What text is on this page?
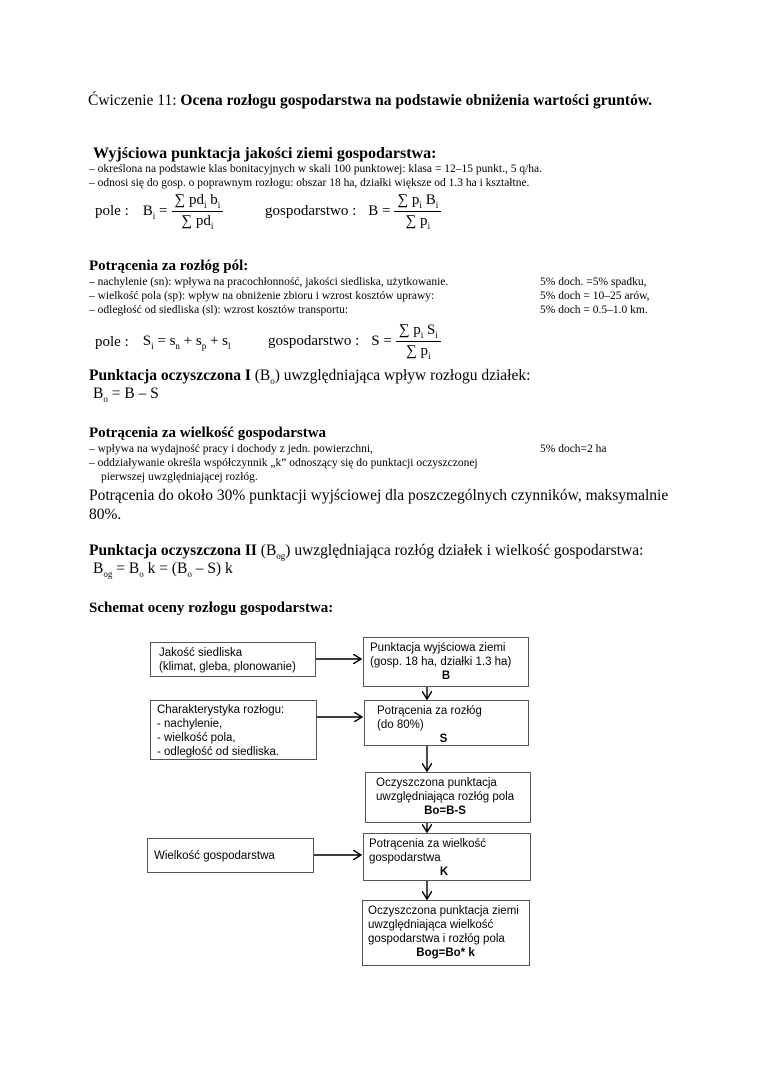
Ćwiczenie 11: Ocena rozłogu gospodarstwa na podstawie obniżenia wartości gruntów.
Wyjściowa punktacja jakości ziemi gospodarstwa:
– określona na podstawie klas bonitacyjnych w skali 100 punktowej: klasa = 12–15 punkt., 5 q/ha.
– odnosi się do gosp. o poprawnym rozłogu: obszar 18 ha, działki większe od 1.3 ha i kształtne.
pole : $B_i = \frac{\sum pd_i b_i}{\sum pd_i}$	gospodarstwo : $B = \frac{\sum p_i B_i}{\sum p_i}$
Potrącenia za rozłóg pól:
– nachylenie (sn): wpływa na pracochłonność, jakości siedliska, użytkowanie.	5% doch. =5% spadku,
– wielkość pola (sp): wpływ na obniżenie zbioru i wzrost kosztów uprawy:	5% doch = 10–25 arów,
– odległość od siedliska (sl): wzrost kosztów transportu:	5% doch = 0.5–1.0 km.
pole : $S_i = s_n + s_p + s_l$ gospodarstwo : $S = \frac{\sum p_i S_i}{\sum p_i}$
Punktacja oczyszczona I $(B_o)$ uwzględniająca wpływ rozłogu działek:
$B_o = B - S$
Potrącenia za wielkość gospodarstwa
– wpływa na wydajność pracy i dochody z jedn. powierzchni,	5% doch=2 ha
– oddziaływanie określa współczynnik „k” odnoszący się do punktacji oczyszczonej
pierwszej uwzględniającej rozłóg.
Potrącenia do około 30% punktacji wyjściowej dla poszczególnych czynników, maksymalnie
80%.
Punktacja oczyszczona II $(B_{og})$ uwzględniająca rozłóg działek i wielkość gospodarstwa:
$B_{og} = B_o$ $k = (B_o - S)$ k
Schemat oceny rozłogu gospodarstwa:
Jakość siedliska
(klimat, gleba, plonowanie)
Punktacja wyjściowa ziemi
(gosp. 18 ha, działki 1.3 ha)
B
Charakterystyka rozłogu:
- nachylenie,
- wielkość pola,
- odległość od siedliska.
Potrącenia za rozłóg
(do 80%)
S
Oczyszczona punktacja
uwzględniająca rozłóg pola
Bo=B-S
Wielkość gospodarstwa
Potrącenia za wielkość
gospodarstwa
K
Oczyszczona punktacja ziemi
uwzględniająca wielkość
gospodarstwa i rozłóg pola
Bog=Bo* k
